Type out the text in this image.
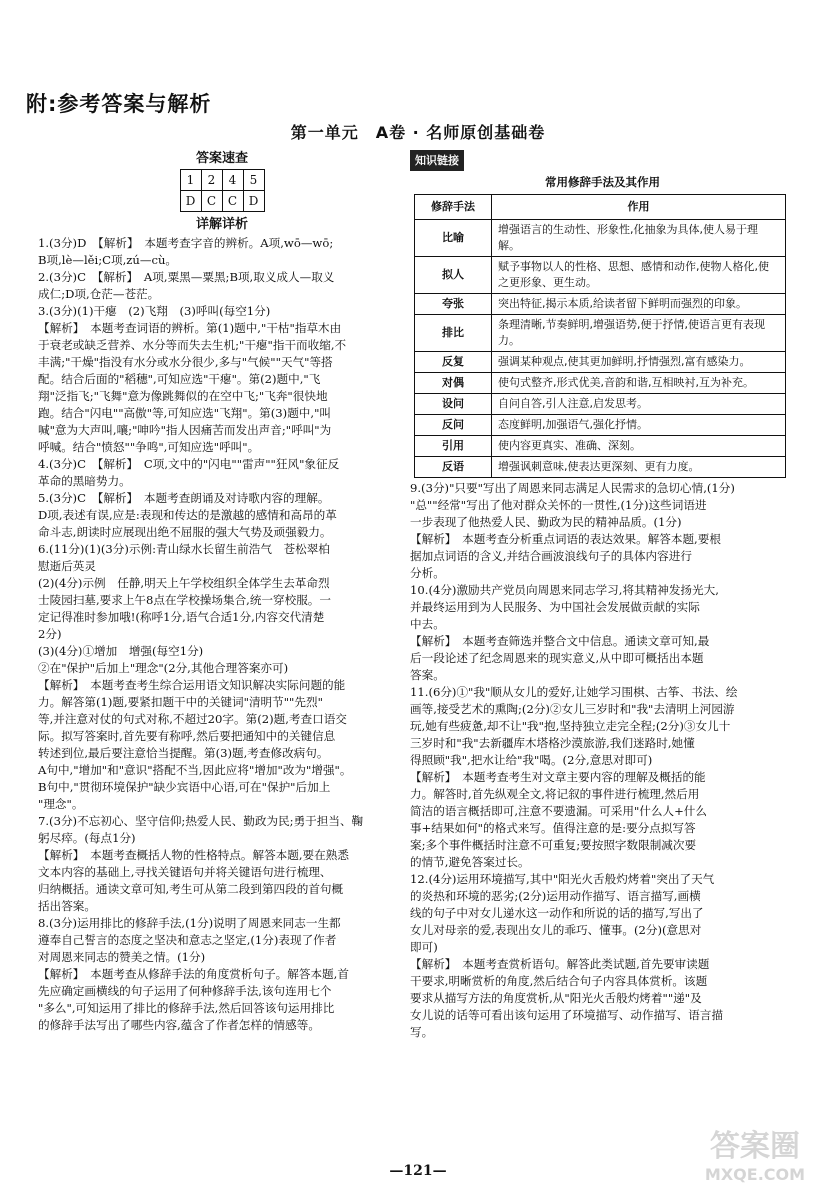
附:参考答案与解析
第一单元　A卷 · 名师原创基础卷
答案速查
1	2	4	5
D	C	C	D
详解详析

1.(3分)D　【解析】　本题考查字音的辨析。A项,wō—wō;

B项,lè—lěi;C项,zú—cù。

2.(3分)C　【解析】　A项,粟黑—粟黑;B项,取义成人—取义

成仁;D项,仓茫—苍茫。

3.(3分)(1)干瘪　(2)飞翔　(3)呼叫(每空1分)

【解析】　本题考查词语的辨析。第(1)题中,"干枯"指草木由

于衰老或缺乏营养、水分等而失去生机;"干瘪"指干而收缩,不

丰满;"干燥"指没有水分或水分很少,多与"气候""天气"等搭

配。结合后面的"稻穗",可知应选"干瘪"。第(2)题中,"飞

翔"泛指飞;"飞舞"意为像跳舞似的在空中飞;"飞奔"很快地

跑。结合"闪电""高傲"等,可知应选"飞翔"。第(3)题中,"叫

喊"意为大声叫,嚷;"呻吟"指人因痛苦而发出声音;"呼叫"为

呼喊。结合"愤怒""争鸣",可知应选"呼叫"。

4.(3分)C　【解析】　C项,文中的"闪电""雷声""狂风"象征反

革命的黑暗势力。

5.(3分)C　【解析】　本题考查朗诵及对诗歌内容的理解。

D项,表述有误,应是:表现和传达的是激越的感情和高昂的革

命斗志,朗读时应展现出绝不屈服的强大气势及顽强毅力。

6.(11分)(1)(3分)示例:青山绿水长留生前浩气　苍松翠柏

慰逝后英灵

(2)(4分)示例　任静,明天上午学校组织全体学生去革命烈

士陵园扫墓,要求上午8点在学校操场集合,统一穿校服。一

定记得准时参加哦!(称呼1分,语气合适1分,内容交代清楚

2分)

(3)(4分)①增加　增强(每空1分)

②在"保护"后加上"理念"(2分,其他合理答案亦可)

【解析】　本题考查考生综合运用语文知识解决实际问题的能

力。解答第(1)题,要紧扣题干中的关键词"清明节""先烈"

等,并注意对仗的句式对称,不超过20字。第(2)题,考查口语交

际。拟写答案时,首先要有称呼,然后要把通知中的关键信息

转述到位,最后要注意恰当提醒。第(3)题,考查修改病句。

A句中,"增加"和"意识"搭配不当,因此应将"增加"改为"增强"。

B句中,"贯彻环境保护"缺少宾语中心语,可在"保护"后加上

"理念"。

7.(3分)不忘初心、坚守信仰;热爱人民、勤政为民;勇于担当、鞠

躬尽瘁。(每点1分)

【解析】　本题考查概括人物的性格特点。解答本题,要在熟悉

文本内容的基础上,寻找关键语句并将关键语句进行梳理、

归纳概括。通读文章可知,考生可从第二段到第四段的首句概

括出答案。

8.(3分)运用排比的修辞手法,(1分)说明了周恩来同志一生都

遵奉自己誓言的态度之坚决和意志之坚定,(1分)表现了作者

对周恩来同志的赞美之情。(1分)

【解析】　本题考查从修辞手法的角度赏析句子。解答本题,首

先应确定画横线的句子运用了何种修辞手法,该句连用七个

"多么",可知运用了排比的修辞手法,然后回答该句运用排比

的修辞手法写出了哪些内容,蕴含了作者怎样的情感等。

知识链接
常用修辞手法及其作用
修辞手法	作用
比喻	增强语言的生动性、形象性,化抽象为具体,使人易于理解。
拟人	赋予事物以人的性格、思想、感情和动作,使物人格化,使之更形象、更生动。
夸张	突出特征,揭示本质,给读者留下鲜明而强烈的印象。
排比	条理清晰,节奏鲜明,增强语势,便于抒情,使语言更有表现力。
反复	强调某种观点,使其更加鲜明,抒情强烈,富有感染力。
对偶	使句式整齐,形式优美,音韵和谐,互相映衬,互为补充。
设问	自问自答,引人注意,启发思考。
反问	态度鲜明,加强语气,强化抒情。
引用	使内容更真实、准确、深刻。
反语	增强讽刺意味,使表达更深刻、更有力度。

9.(3分)"只要"写出了周恩来同志满足人民需求的急切心情,(1分)

"总""经常"写出了他对群众关怀的一贯性,(1分)这些词语进

一步表现了他热爱人民、勤政为民的精神品质。(1分)

【解析】　本题考查分析重点词语的表达效果。解答本题,要根

据加点词语的含义,并结合画波浪线句子的具体内容进行

分析。

10.(4分)激励共产党员向周恩来同志学习,将其精神发扬光大,

并最终运用到为人民服务、为中国社会发展做贡献的实际

中去。

【解析】　本题考查筛选并整合文中信息。通读文章可知,最

后一段论述了纪念周恩来的现实意义,从中即可概括出本题

答案。

11.(6分)①"我"顺从女儿的爱好,让她学习围棋、古筝、书法、绘

画等,接受艺术的熏陶;(2分)②女儿三岁时和"我"去清明上河园游

玩,她有些疲惫,却不让"我"抱,坚持独立走完全程;(2分)③女儿十

三岁时和"我"去新疆库木塔格沙漠旅游,我们迷路时,她懂

得照顾"我",把水让给"我"喝。(2分,意思对即可)

【解析】　本题考查考生对文章主要内容的理解及概括的能

力。解答时,首先纵观全文,将记叙的事件进行梳理,然后用

简洁的语言概括即可,注意不要遗漏。可采用"什么人+什么

事+结果如何"的格式来写。值得注意的是:要分点拟写答

案;多个事件概括时注意不可重复;要按照字数限制减次要

的情节,避免答案过长。

12.(4分)运用环境描写,其中"阳光火舌般灼烤着"突出了天气

的炎热和环境的恶劣;(2分)运用动作描写、语言描写,画横

线的句子中对女儿递水这一动作和所说的话的描写,写出了

女儿对母亲的爱,表现出女儿的乖巧、懂事。(2分)(意思对

即可)

【解析】　本题考查赏析语句。解答此类试题,首先要审读题

干要求,明晰赏析的角度,然后结合句子内容具体赏析。该题

要求从描写方法的角度赏析,从"阳光火舌般灼烤着""递"及

女儿说的话等可看出该句运用了环境描写、动作描写、语言描

写。

—121—
答案圈
MXQE.COM
